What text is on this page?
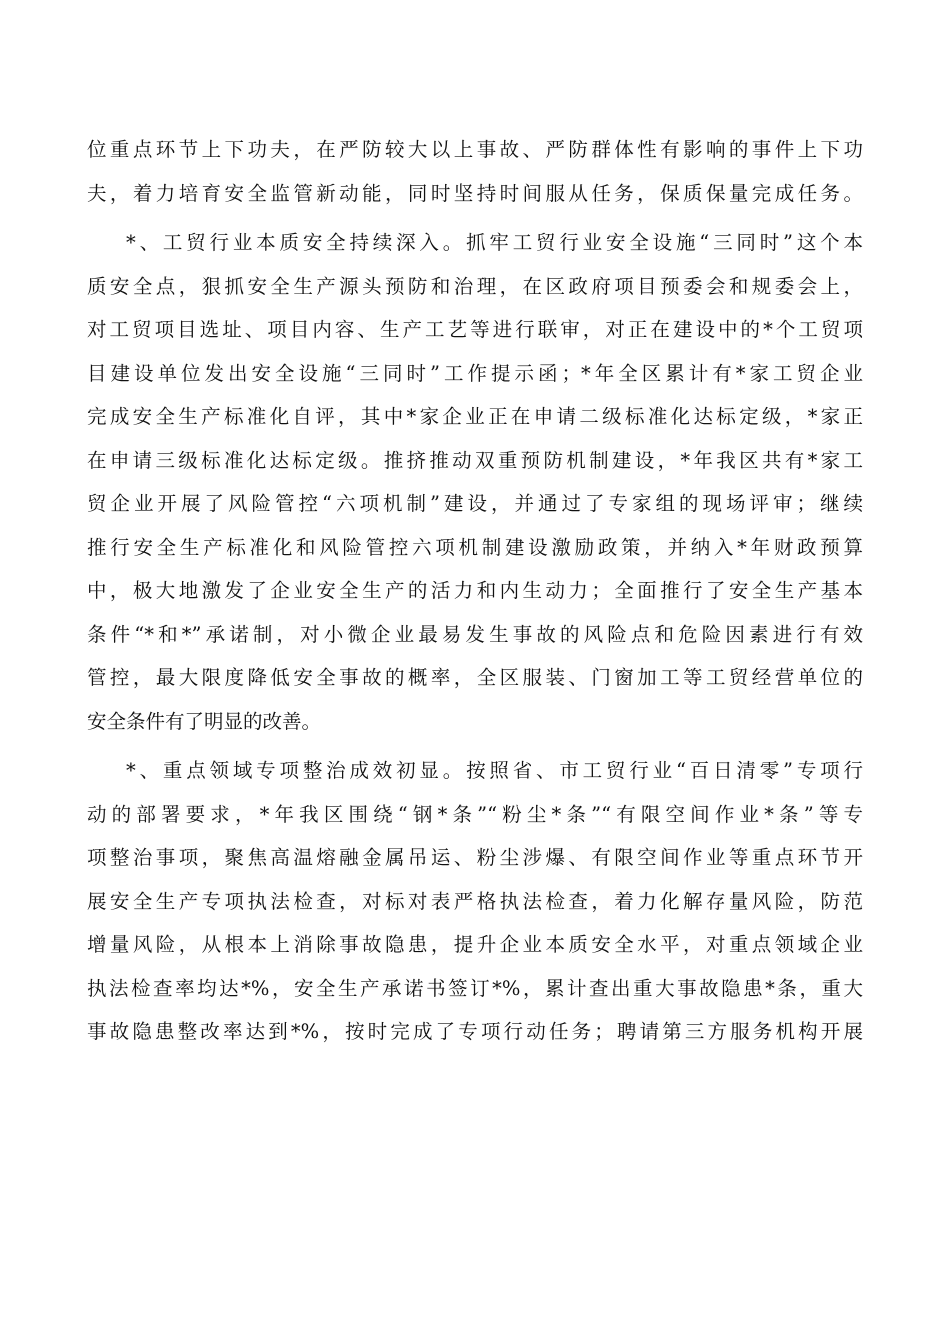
位重点环节上下功夫，在严防较大以上事故、严防群体性有影响的事件上下功
夫，着力培育安全监管新动能，同时坚持时间服从任务，保质保量完成任务。
*、工贸行业本质安全持续深入。抓牢工贸行业安全设施“三同时”这个本
质安全点，狠抓安全生产源头预防和治理，在区政府项目预委会和规委会上，
对工贸项目选址、项目内容、生产工艺等进行联审，对正在建设中的*个工贸项
目建设单位发出安全设施“三同时”工作提示函；*年全区累计有*家工贸企业
完成安全生产标准化自评，其中*家企业正在申请二级标准化达标定级，*家正
在申请三级标准化达标定级。推挤推动双重预防机制建设，*年我区共有*家工
贸企业开展了风险管控“六项机制”建设，并通过了专家组的现场评审；继续
推行安全生产标准化和风险管控六项机制建设激励政策，并纳入*年财政预算
中，极大地激发了企业安全生产的活力和内生动力；全面推行了安全生产基本
条件“*和*”承诺制，对小微企业最易发生事故的风险点和危险因素进行有效
管控，最大限度降低安全事故的概率，全区服装、门窗加工等工贸经营单位的
安全条件有了明显的改善。
*、重点领域专项整治成效初显。按照省、市工贸行业“百日清零”专项行
动的部署要求，*年我区围绕“钢*条”“粉尘*条”“有限空间作业*条”等专
项整治事项，聚焦高温熔融金属吊运、粉尘涉爆、有限空间作业等重点环节开
展安全生产专项执法检查，对标对表严格执法检查，着力化解存量风险，防范
增量风险，从根本上消除事故隐患，提升企业本质安全水平，对重点领域企业
执法检查率均达*%，安全生产承诺书签订*%，累计查出重大事故隐患*条，重大
事故隐患整改率达到*%，按时完成了专项行动任务；聘请第三方服务机构开展
